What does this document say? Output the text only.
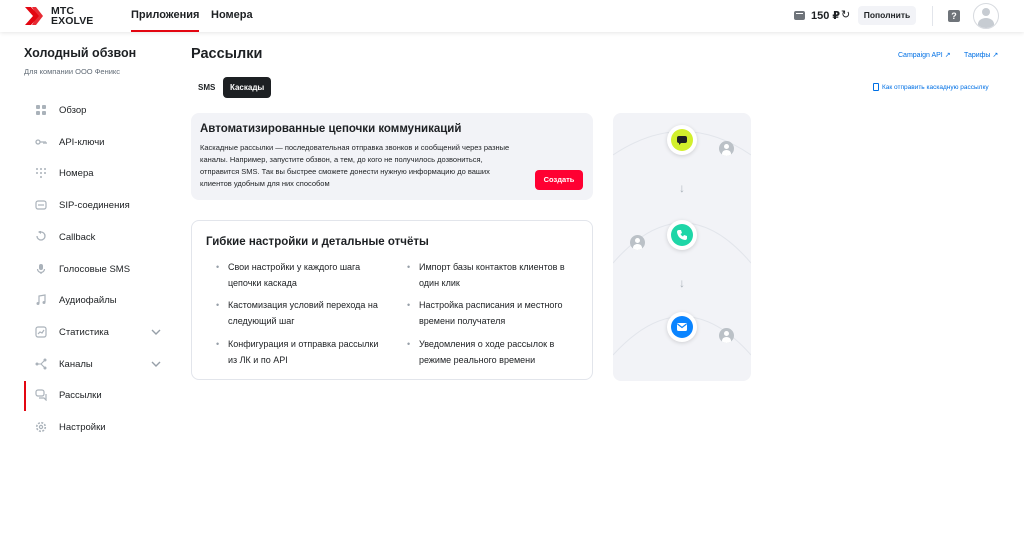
МТС
EXOLVE	Приложения Номера	150 ₽ ↻	Пополнить	?
Холодный обзвон
Для компании ООО Феникс
Обзор
API-ключи
Номера
SIP-соединения
Callback
Голосовые SMS
Аудиофайлы
Статистика
Каналы
Рассылки
Настройки
Рассылки	Campaign API ↗ Тарифы ↗
SMS	Каскады	Как отправить каскадную рассылку
Автоматизированные цепочки коммуникаций
Каскадные рассылки — последовательная отправка звонков и сообщений через разные каналы. Например, запустите обзвон, а тем, до кого не получилось дозвониться, отправится SMS. Так вы быстрее сможете донести нужную информацию до ваших клиентов удобным для них способом	Создать
Гибкие настройки и детальные отчёты
• Свои настройки у каждого шага цепочки каскада
• Кастомизация условий перехода на следующий шаг
• Конфигурация и отправка рассылки из ЛК и по API
• Импорт базы контактов клиентов в один клик
• Настройка расписания и местного времени получателя
• Уведомления о ходе рассылок в режиме реального времени
↓
↓
